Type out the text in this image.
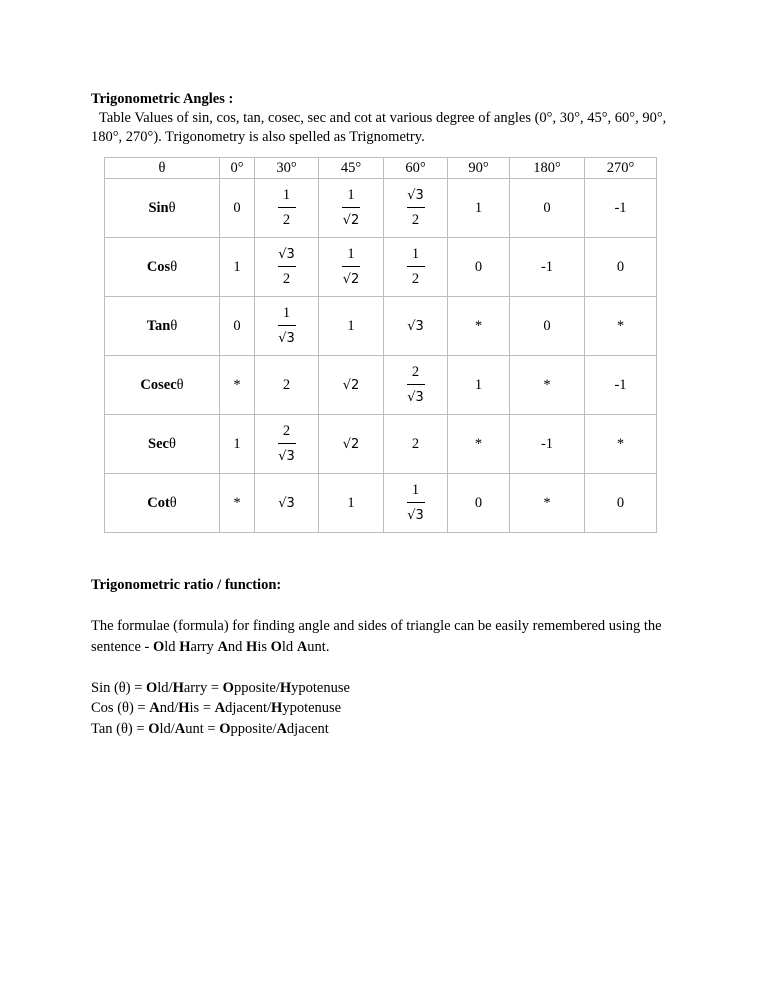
Trigonometric Angles :

Table Values of sin, cos, tan, cosec, sec and cot at various degree of angles (0°, 30°, 45°, 60°, 90°, 180°, 270°). Trigonometry is also spelled as Trignometry.

θ	0°	30°	45°	60°	90°	180°	270°
Sinθ	0	$\frac{1}{2}$	$\frac{1}{√2}$	$\frac{√3}{2}$	1	0	-1
Cosθ	1	$\frac{√3}{2}$	$\frac{1}{√2}$	$\frac{1}{2}$	0	-1	0
Tanθ	0	$\frac{1}{√3}$	1	√3	*	0	*
Cosecθ	*	2	√2	$\frac{2}{√3}$	1	*	-1
Secθ	1	$\frac{2}{√3}$	√2	2	*	-1	*
Cotθ	*	√3	1	$\frac{1}{√3}$	0	*	0

Trigonometric ratio / function:

The formulae (formula) for finding angle and sides of triangle can be easily remembered using the sentence - Old Harry And His Old Aunt.

Sin (θ) = Old/Harry = Opposite/Hypotenuse

Cos (θ) = And/His = Adjacent/Hypotenuse

Tan (θ) = Old/Aunt = Opposite/Adjacent
